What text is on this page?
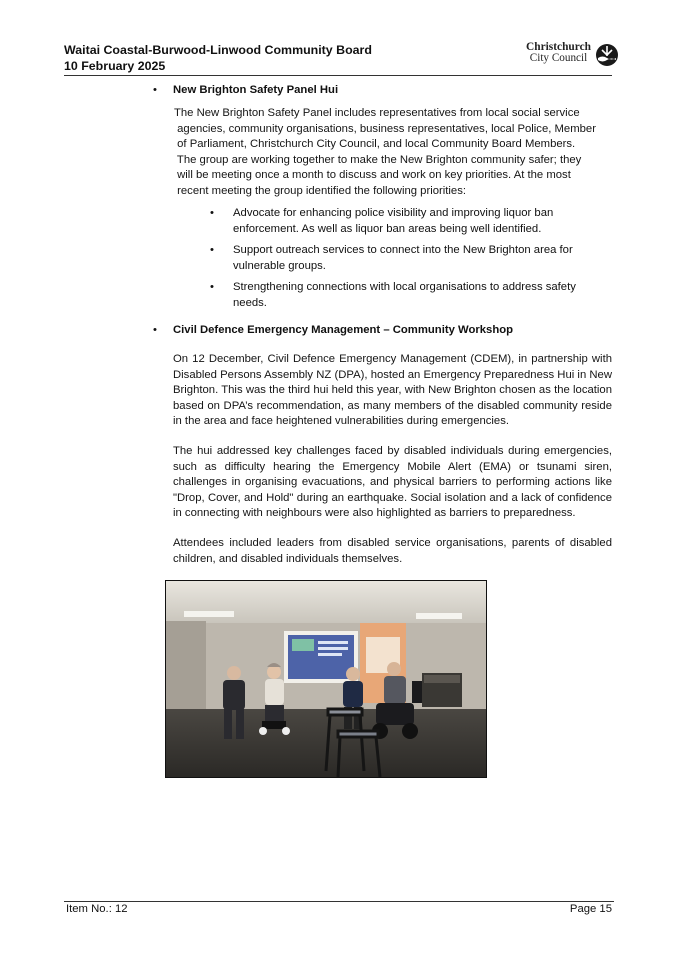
Waitai Coastal-Burwood-Linwood Community Board

10 February 2025

Christchurch
City Council
• New Brighton Safety Panel Hui

The New Brighton Safety Panel includes representatives from local social service
agencies, community organisations, business representatives, local Police, Member
of Parliament, Christchurch City Council, and local Community Board Members.
The group are working together to make the New Brighton community safer; they
will be meeting once a month to discuss and work on key priorities. At the most
recent meeting the group identified the following priorities:

• Advocate for enhancing police visibility and improving liquor ban enforcement. As well as liquor ban areas being well identified.
• Support outreach services to connect into the New Brighton area for vulnerable groups.
• Strengthening connections with local organisations to address safety needs.
• Civil Defence Emergency Management – Community Workshop

On 12 December, Civil Defence Emergency Management (CDEM), in partnership with Disabled Persons Assembly NZ (DPA), hosted an Emergency Preparedness Hui in New Brighton. This was the third hui held this year, with New Brighton chosen as the location based on DPA’s recommendation, as many members of the disabled community reside in the area and face heightened vulnerabilities during emergencies.

The hui addressed key challenges faced by disabled individuals during emergencies, such as difficulty hearing the Emergency Mobile Alert (EMA) or tsunami siren, challenges in organising evacuations, and physical barriers to performing actions like "Drop, Cover, and Hold" during an earthquake. Social isolation and a lack of confidence in connecting with neighbours were also highlighted as barriers to preparedness.

Attendees included leaders from disabled service organisations, parents of disabled children, and disabled individuals themselves.

Item No.: 12	Page 15
